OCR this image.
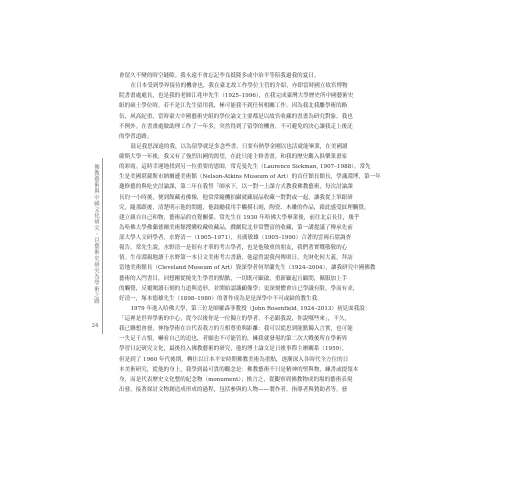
佛教藝術與中國文化研究・以藝術史研究為學術之路
24
會留久不變的時空縫隙。我永遠不會忘記李良抵隆多或中治平等陪我過我的夏日。
在日本受到學界接待的機會也，我在臺北故工作學位主管的介紹，亦即當時國立故宮博物
院書畫處處長，也是我的老師江兆申先生（1925–1996），在我完成臺灣大學歷史所中國藝術史
組的碩士學位時，若不是江先生留用我，極可能我不到任何相關工作。因為我北我離學術的路
伍，夙高紀重，當時臺大中國藝術史組的學位論文主要都是以故宮收藏的書畫為研究對象，我也
不例外。在書畫處做助理工作了一年多，突然得到了留學的機會，不可避免的決心讓我走上後託
的學習道路。
鼓足我思深遠的我，以為留學就是多念些書，只要有熱學金剛以也活就能畢業，在美國讀
薩斯大學一年後，我又有了強烈出國的渴望，在此只能主修書畫，和我的歷史觀入俱樂業畫家
的彩霞。這時幸運地找到另一位重要的恩師，常克曼先生（Laurence Sickman, 1907–1988）。常先
生是美國堪薩斯市納爾遜美術館（Nelson-Atkins Museum of Art）的首任館長館長，學識淵博，第一年
邀修藝的與吃史討論課，第二年在我誓「師承下，以一對一上課方式教我佛教藝術，每次討論課
長約一小時後，便到館藏看佛像，他常常隨機拍攝就藏展品收藏一對對或一起，讓我從上筆跟研
究，隨那跟後，清楚明示他的問題，他鼓勵我用手觸摸石刻，陶瓷、木雕的作品，藉此感受紋理觸覺，
建立親自自己和物，藝術品的直覺關係。常先生在 1930 年哈佛大學畢業後，前往北京長住，幾乎
為哈佛大學佛蘭德爾美術館搜購收藏收藏品，戲劇院北非常豐富的收藏，第一講提議了傳承先前
部大學人文研學者，水野清一（1905–1971），長廣敏雄（1905–1990）合著的雲岡石窟調查
報告，常先生說，水野清一是很有才華的考古學者，也是他敬重的朋友，我們著實戰敬敬的心
情。生母淵親地讀于水野第一本日文美術考古書籍，他還曾說我何傳則日，先財化何大義，拜訪
當地美術館長（Cleveland Museum of Art）資深學者何翠蘭先生（1924–2004），讓我研究中國佛教
藝術的入門書目，回想剛從燒先生學習的點點，一切既可顧啟，重新顧起且顧問，佩服加上手
的觸覺，反覆閱讀石刻的力道與造形，並開始認識顧像學；更深刻體會自已學識有限，學而有求，
好清一，塚本德雄先生（1898–1980）的著作成為是是深學中不可或缺的教生我。
1979 年進入哈佛大學，第三位是師羅森菲教授（John Rosenfield, 1924–2013）初見面我說：
「這裡是世界學術的中心，從今以後你是一位獨立的學者，不必跟我說，你說哪些來」，不久，
我已聯想會發，伸拖學術在自代表我方的互相尊重與距離：我可以從思到能點獨入言實，也可能
一失足千古恨，嚇看自己的追也，者願也不可能管的，擁我就發現的第二次大戰後所在學術界
學習日記研究文化，最後投入佛教藝術的研究，他的博士論文是日後事際主辦關系（1959），
但是到了 1960 年代後期，轉往以日本平安時期佛教美術為重點，逐漸深入各時代全方位的日
本美術研究，從他的身上，我學到最可貴的觀念是：佛教藝術不只是精神的聖與物，練書或提領本
身，而是代表歷史文化整的紀念物（monument）；換言之，從觀察到佛教物成的場的藝術表現
出發，接著探討文物創造成形成的過程，包括參與的人物——製作者、指導者與贊助者等，發
